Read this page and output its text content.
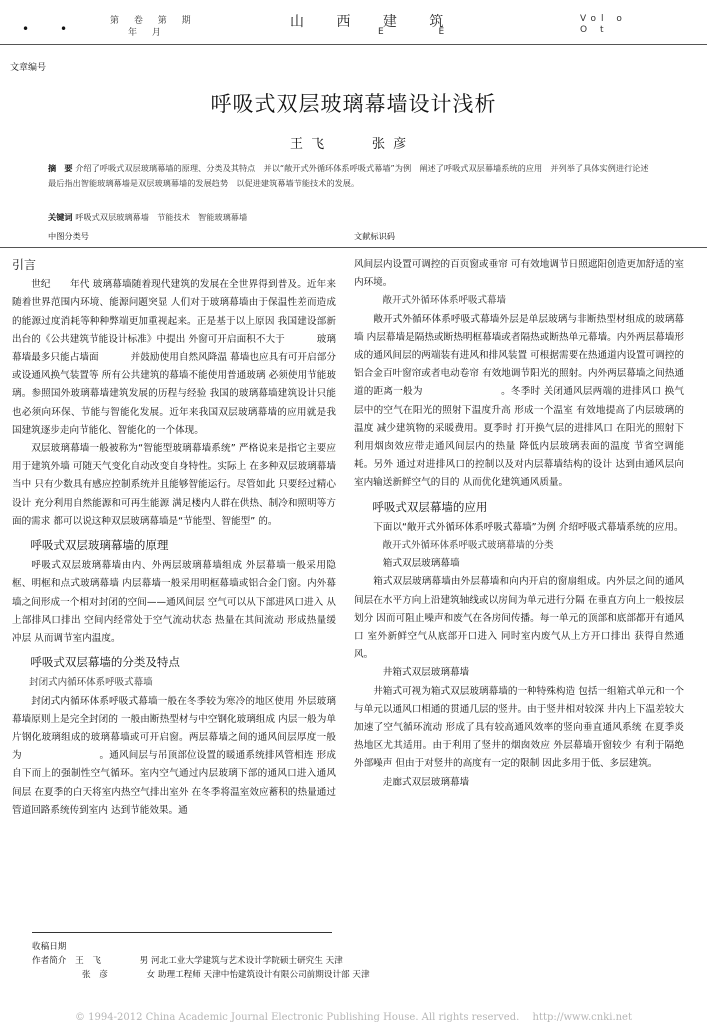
•	•
第 卷 第 期
年 月
山 西 建 筑
E E
Vol o
O t
文章编号
呼吸式双层玻璃幕墙设计浅析
王 飞	张 彦
摘　要 介绍了呼吸式双层玻璃幕墙的原理、分类及其特点　并以“敞开式外循环体系呼吸式幕墙”为例　阐述了呼吸式双层幕墙系统的应用　并列举了具体实例进行论述　最后指出智能玻璃幕墙是双层玻璃幕墙的发展趋势　以促进建筑幕墙节能技术的发展。
关键词 呼吸式双层玻璃幕墙　节能技术　智能玻璃幕墙
中图分类号	文献标识码

引言

世纪　　年代 玻璃幕墙随着现代建筑的发展在全世界得到普及。近年来随着世界范围内环境、能源问题突显 人们对于玻璃幕墙由于保温性差而造成的能源过度消耗等种种弊端更加重视起来。正是基于以上原因 我国建设部新出台的《公共建筑节能设计标准》中提出 外窗可开启面积不大于　　　 玻璃幕墙最多只能占墙面　　　 并鼓励使用自然风降温 幕墙也应具有可开启部分或设通风换气装置等 所有公共建筑的幕墙不能使用普通玻璃 必须使用节能玻璃。参照国外玻璃幕墙建筑发展的历程与经验 我国的玻璃幕墙建筑设计只能也必须向环保、节能与智能化发展。近年来我国双层玻璃幕墙的应用就是我国建筑逐步走向节能化、智能化的一个体现。

双层玻璃幕墙一般被称为“智能型玻璃幕墙系统” 严格说来是指它主要应用于建筑外墙 可随天气变化自动改变自身特性。实际上 在多种双层玻璃幕墙当中 只有少数具有感应控制系统并且能够智能运行。尽管如此 只要经过精心设计 充分利用自然能源和可再生能源 满足楼内人群在供热、制冷和照明等方面的需求 都可以说这种双层玻璃幕墙是“节能型、智能型” 的。

呼吸式双层玻璃幕墙的原理

呼吸式双层玻璃幕墙由内、外两层玻璃幕墙组成 外层幕墙一般采用隐框、明框和点式玻璃幕墙 内层幕墙一般采用明框幕墙或铝合金门窗。内外幕墙之间形成一个相对封闭的空间——通风间层 空气可以从下部进风口进入 从上部排风口排出 空间内经常处于空气流动状态 热量在其间流动 形成热量缓冲层 从而调节室内温度。

呼吸式双层幕墙的分类及特点

封闭式内循环体系呼吸式幕墙

封闭式内循环体系呼吸式幕墙一般在冬季较为寒冷的地区使用 外层玻璃幕墙原则上是完全封闭的 一般由断热型材与中空钢化玻璃组成 内层一般为单片钢化玻璃组成的玻璃幕墙或可开启窗。两层幕墙之间的通风间层厚度一般为　　　　　　　　。通风间层与吊顶部位设置的暖通系统排风管相连 形成自下而上的强制性空气循环。室内空气通过内层玻璃下部的通风口进入通风间层 在夏季的白天将室内热空气排出室外 在冬季将温室效应蓄积的热量通过管道回路系统传到室内 达到节能效果。通

风间层内设置可调控的百页窗或垂帘 可有效地调节日照遮阳创造更加舒适的室内环境。

敞开式外循环体系呼吸式幕墙

敞开式外循环体系呼吸式幕墙外层是单层玻璃与非断热型材组成的玻璃幕墙 内层幕墙是隔热或断热明框幕墙或者隔热或断热单元幕墙。内外两层幕墙形成的通风间层的两端装有进风和排风装置 可根据需要在热通道内设置可调控的铝合金百叶窗帘或者电动卷帘 有效地调节阳光的照射。内外两层幕墙之间热通道的距离一般为　　　　　　　　。冬季时 关闭通风层两端的进排风口 换气层中的空气在阳光的照射下温度升高 形成一个温室 有效地提高了内层玻璃的温度 减少建筑物的采暖费用。夏季时 打开换气层的进排风口 在阳光的照射下利用烟囱效应带走通风间层内的热量 降低内层玻璃表面的温度 节省空调能耗。另外 通过对进排风口的控制以及对内层幕墙结构的设计 达到由通风层向室内输送新鲜空气的目的 从而优化建筑通风质量。

呼吸式双层幕墙的应用

下面以“敞开式外循环体系呼吸式幕墙”为例 介绍呼吸式幕墙系统的应用。

敞开式外循环体系呼吸式玻璃幕墙的分类

箱式双层玻璃幕墙

箱式双层玻璃幕墙由外层幕墙和向内开启的窗扇组成。内外层之间的通风间层在水平方向上沿建筑轴线或以房间为单元进行分隔 在垂直方向上一般按层划分 因而可阻止噪声和废气在各房间传播。每一单元的顶部和底部都开有通风口 室外新鲜空气从底部开口进入 同时室内废气从上方开口排出 获得自然通风。

井箱式双层玻璃幕墙

井箱式可视为箱式双层玻璃幕墙的一种特殊构造 包括一组箱式单元和一个与单元以通风口相通的贯通几层的竖井。由于竖井相对较深 井内上下温差较大 加速了空气循环流动 形成了具有较高通风效率的竖向垂直通风系统 在夏季炎热地区尤其适用。由于利用了竖井的烟囱效应 外层幕墙开窗较少 有利于隔绝外部噪声 但由于对竖井的高度有一定的限制 因此多用于低、多层建筑。

走廊式双层玻璃幕墙

收稿日期
作者简介 王　飞	男 河北工业大学建筑与艺术设计学院硕士研究生 天津
张　彦	女 助理工程师 天津中怡建筑设计有限公司前期设计部 天津
© 1994-2012 China Academic Journal Electronic Publishing House. All rights reserved.　 http://www.cnki.net
